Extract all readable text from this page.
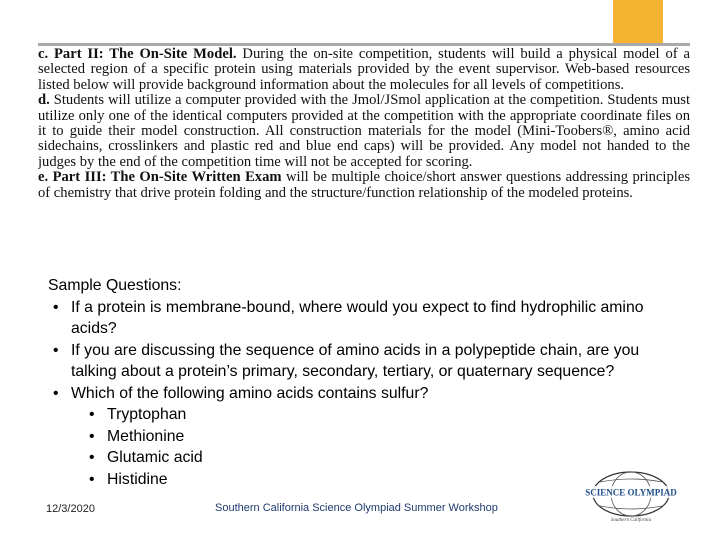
c. Part II: The On-Site Model. During the on-site competition, students will build a physical model of a selected region of a specific protein using materials provided by the event supervisor. Web-based resources listed below will provide background information about the molecules for all levels of competitions.

d. Students will utilize a computer provided with the Jmol/JSmol application at the competition. Students must utilize only one of the identical computers provided at the competition with the appropriate coordinate files on it to guide their model construction. All construction materials for the model (Mini-Toobers®, amino acid sidechains, crosslinkers and plastic red and blue end caps) will be provided. Any model not handed to the judges by the end of the competition time will not be accepted for scoring.

e. Part III: The On-Site Written Exam will be multiple choice/short answer questions addressing principles of chemistry that drive protein folding and the structure/function relationship of the modeled proteins.

Sample Questions:
• If a protein is membrane-bound, where would you expect to find hydrophilic amino acids?
• If you are discussing the sequence of amino acids in a polypeptide chain, are you talking about a protein’s primary, secondary, tertiary, or quaternary sequence?
• Which of the following amino acids contains sulfur?
• Tryptophan
• Methionine
• Glutamic acid
• Histidine
12/3/2020	Southern California Science Olympiad Summer Workshop
SCIENCE OLYMPIAD
Southern California
